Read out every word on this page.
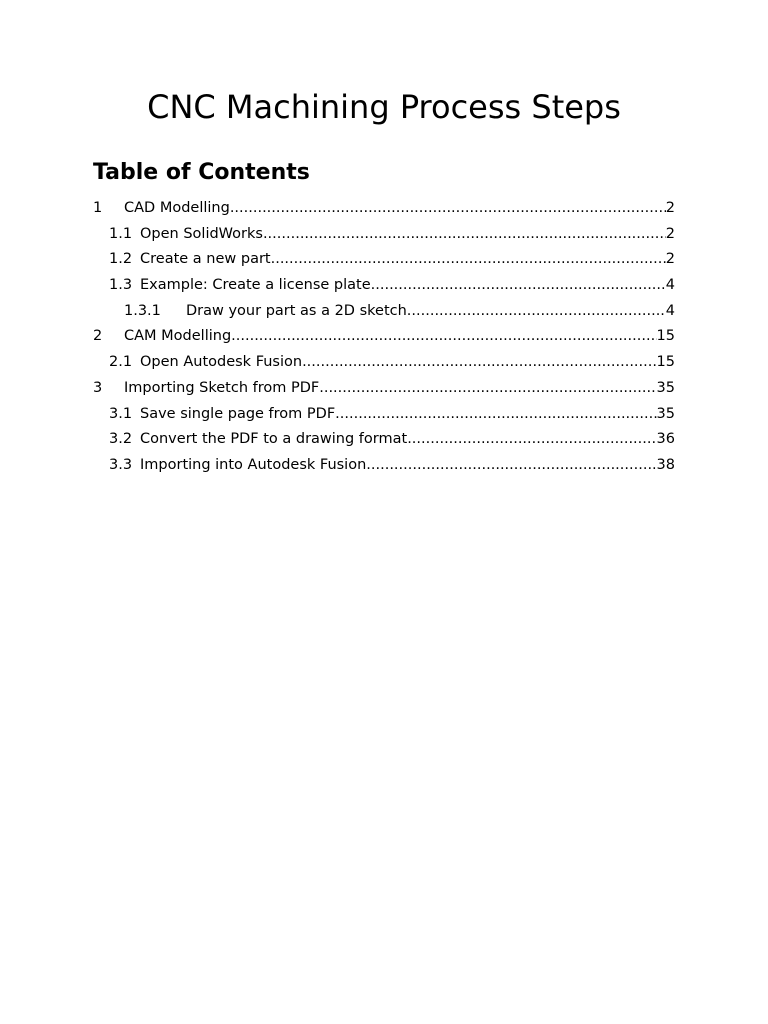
CNC Machining Process Steps
Table of Contents
1	CAD Modelling .....	2
1.1 Open SolidWorks .....	2
1.2 Create a new part .....	2
1.3 Example: Create a license plate .....	4
1.3.1	Draw your part as a 2D sketch .....	4
2	CAM Modelling .....	15
2.1 Open Autodesk Fusion .....	15
3	Importing Sketch from PDF .....	35
3.1 Save single page from PDF .....	35
3.2 Convert the PDF to a drawing format .....	36
3.3 Importing into Autodesk Fusion .....	38
